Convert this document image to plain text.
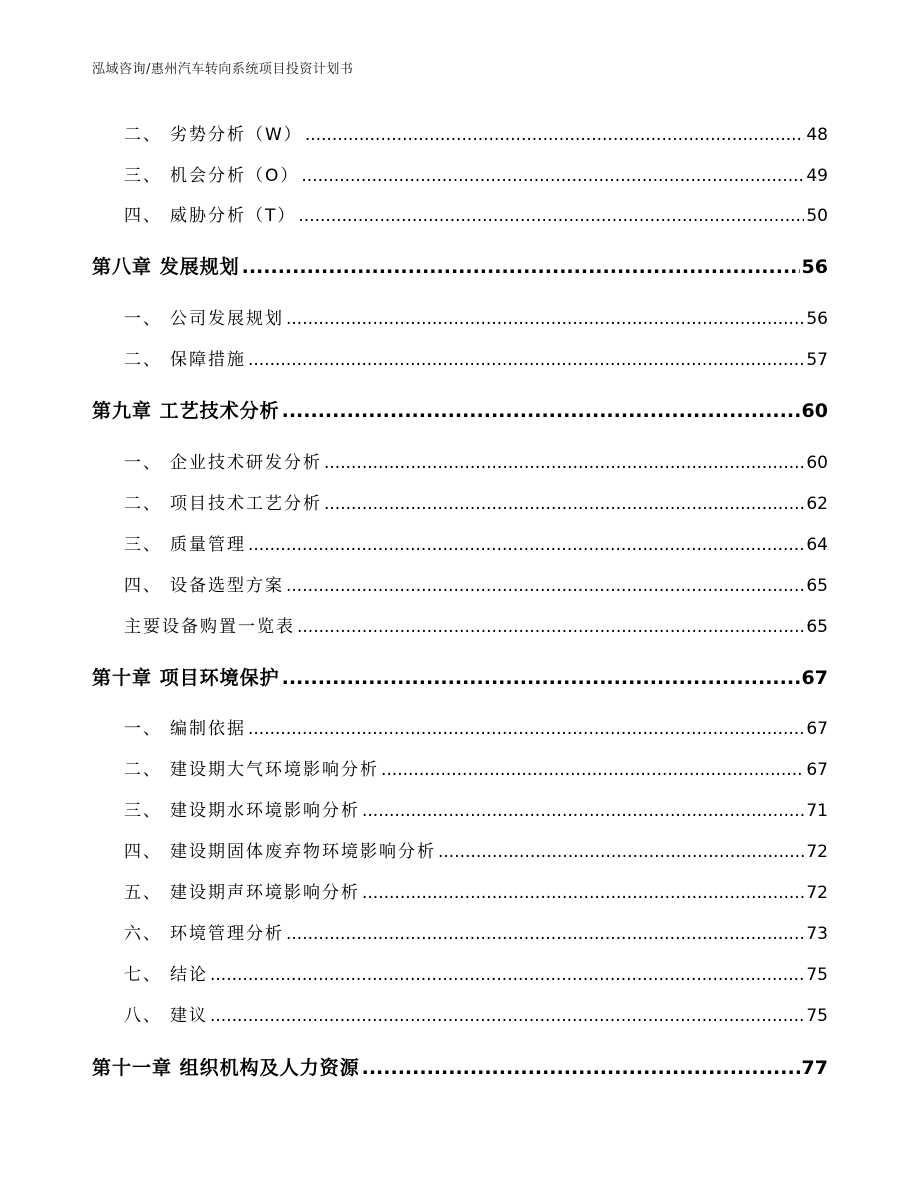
泓域咨询/惠州汽车转向系统项目投资计划书
二、 劣势分析（W） .....	48
三、 机会分析（O） .....	49
四、 威胁分析（T） .....	50
第八章 发展规划 .....	56
一、 公司发展规划 .....	56
二、 保障措施 .....	57
第九章 工艺技术分析 .....	60
一、 企业技术研发分析 .....	60
二、 项目技术工艺分析 .....	62
三、 质量管理 .....	64
四、 设备选型方案 .....	65
主要设备购置一览表 .....	65
第十章 项目环境保护 .....	67
一、 编制依据 .....	67
二、 建设期大气环境影响分析 .....	67
三、 建设期水环境影响分析 .....	71
四、 建设期固体废弃物环境影响分析 .....	72
五、 建设期声环境影响分析 .....	72
六、 环境管理分析 .....	73
七、 结论 .....	75
八、 建议 .....	75
第十一章 组织机构及人力资源 .....	77
